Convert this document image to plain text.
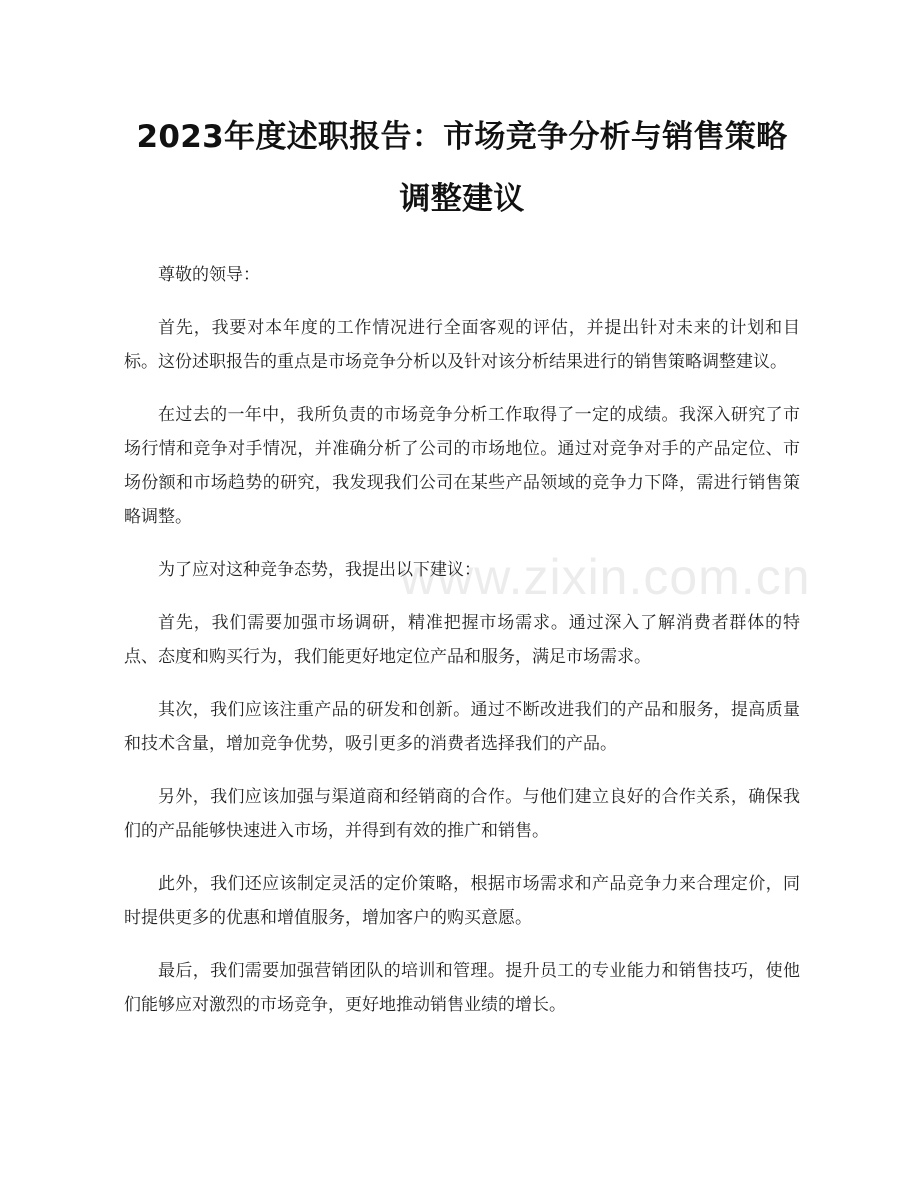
2023年度述职报告：市场竞争分析与销售策略调整建议

尊敬的领导：

首先，我要对本年度的工作情况进行全面客观的评估，并提出针对未来的计划和目标。这份述职报告的重点是市场竞争分析以及针对该分析结果进行的销售策略调整建议。

在过去的一年中，我所负责的市场竞争分析工作取得了一定的成绩。我深入研究了市场行情和竞争对手情况，并准确分析了公司的市场地位。通过对竞争对手的产品定位、市场份额和市场趋势的研究，我发现我们公司在某些产品领域的竞争力下降，需进行销售策略调整。

为了应对这种竞争态势，我提出以下建议：

首先，我们需要加强市场调研，精准把握市场需求。通过深入了解消费者群体的特点、态度和购买行为，我们能更好地定位产品和服务，满足市场需求。

其次，我们应该注重产品的研发和创新。通过不断改进我们的产品和服务，提高质量和技术含量，增加竞争优势，吸引更多的消费者选择我们的产品。

另外，我们应该加强与渠道商和经销商的合作。与他们建立良好的合作关系，确保我们的产品能够快速进入市场，并得到有效的推广和销售。

此外，我们还应该制定灵活的定价策略，根据市场需求和产品竞争力来合理定价，同时提供更多的优惠和增值服务，增加客户的购买意愿。

最后，我们需要加强营销团队的培训和管理。提升员工的专业能力和销售技巧，使他们能够应对激烈的市场竞争，更好地推动销售业绩的增长。

www.zixin.com.cn
